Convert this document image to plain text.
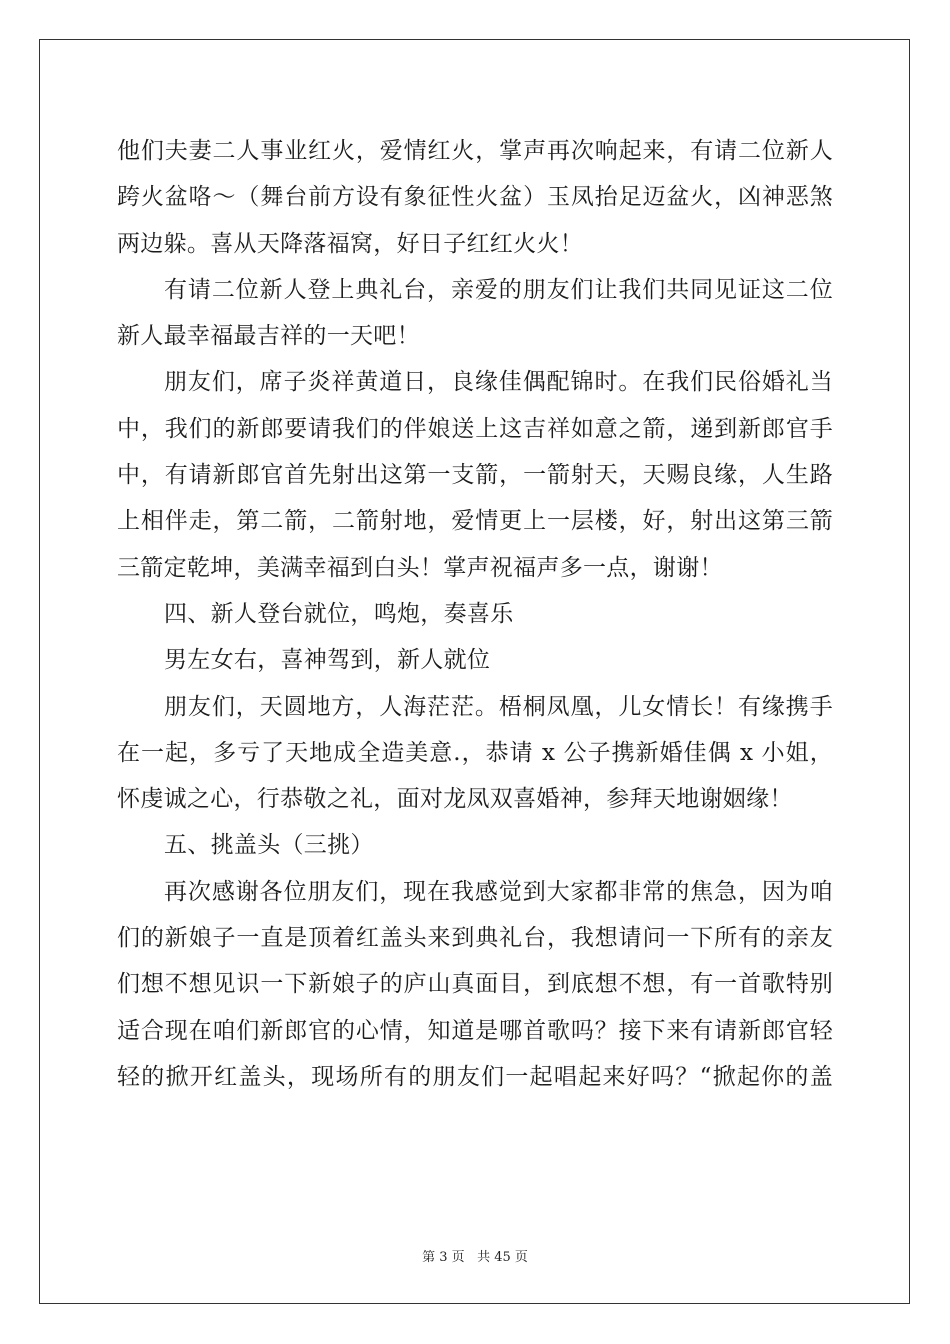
他们夫妻二人事业红火，爱情红火，掌声再次响起来，有请二位新人
跨火盆咯～（舞台前方设有象征性火盆）玉凤抬足迈盆火，凶神恶煞
两边躲。喜从天降落福窝，好日子红红火火！
有请二位新人登上典礼台，亲爱的朋友们让我们共同见证这二位
新人最幸福最吉祥的一天吧！
朋友们，席子炎祥黄道日，良缘佳偶配锦时。在我们民俗婚礼当
中，我们的新郎要请我们的伴娘送上这吉祥如意之箭，递到新郎官手
中，有请新郎官首先射出这第一支箭，一箭射天，天赐良缘，人生路
上相伴走，第二箭，二箭射地，爱情更上一层楼，好，射出这第三箭
三箭定乾坤，美满幸福到白头！掌声祝福声多一点，谢谢！
四、新人登台就位，鸣炮，奏喜乐
男左女右，喜神驾到，新人就位
朋友们，天圆地方，人海茫茫。梧桐凤凰，儿女情长！有缘携手
在一起，多亏了天地成全造美意.，恭请 x 公子携新婚佳偶 x 小姐，
怀虔诚之心，行恭敬之礼，面对龙凤双喜婚神，参拜天地谢姻缘！
五、挑盖头（三挑）
再次感谢各位朋友们，现在我感觉到大家都非常的焦急，因为咱
们的新娘子一直是顶着红盖头来到典礼台，我想请问一下所有的亲友
们想不想见识一下新娘子的庐山真面目，到底想不想，有一首歌特别
适合现在咱们新郎官的心情，知道是哪首歌吗？接下来有请新郎官轻
轻的掀开红盖头，现场所有的朋友们一起唱起来好吗？“掀起你的盖
第 3 页 共 45 页
